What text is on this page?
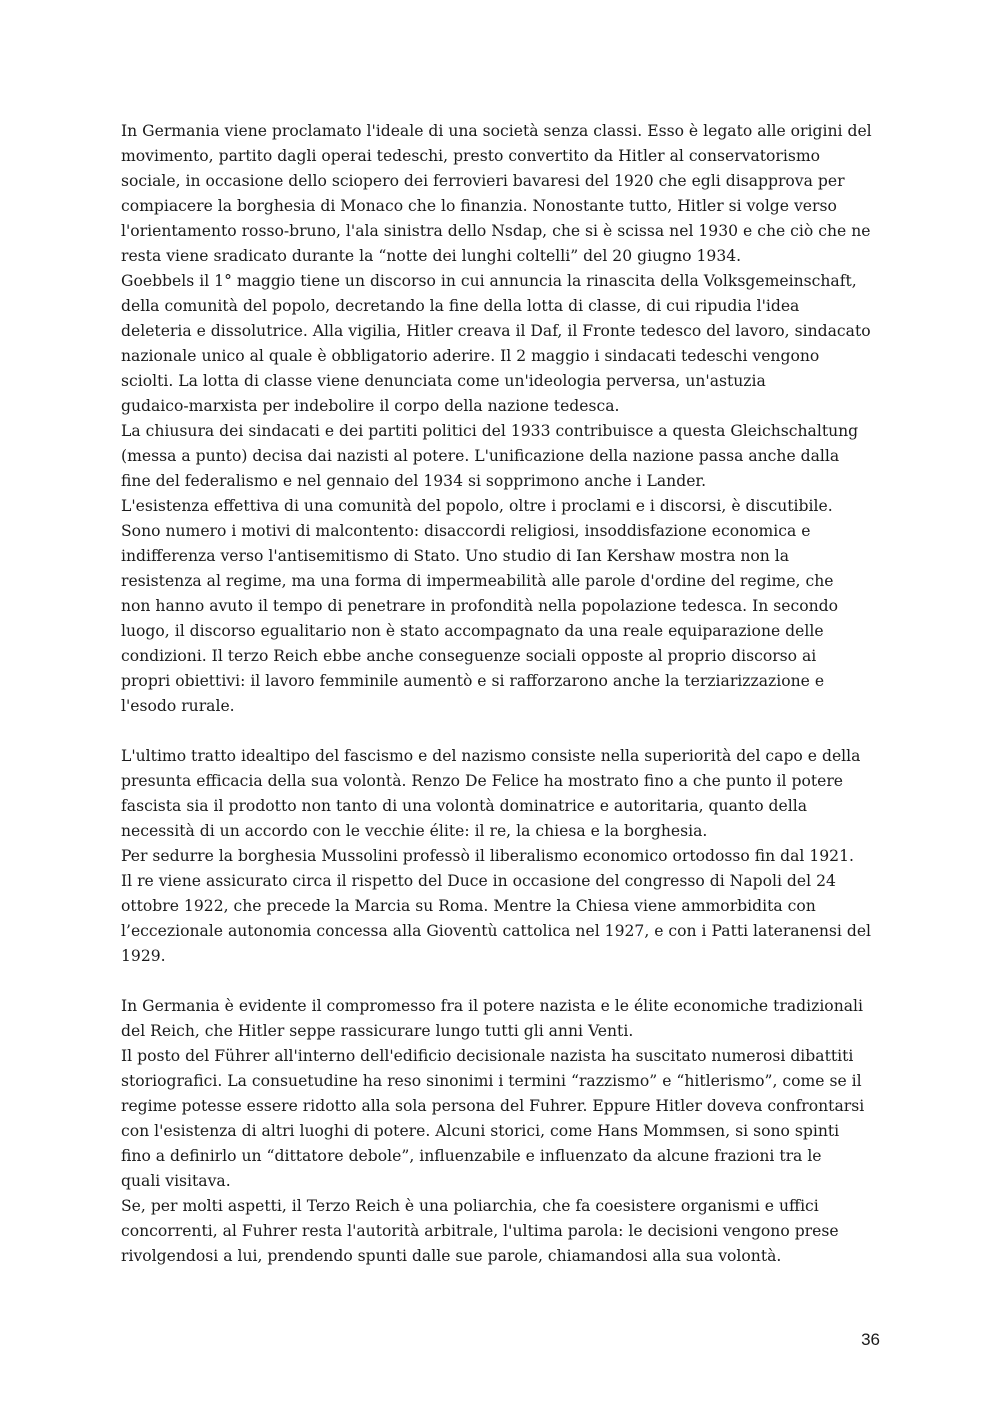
In Germania viene proclamato l'ideale di una società senza classi. Esso è legato alle origini del
movimento, partito dagli operai tedeschi, presto convertito da Hitler al conservatorismo
sociale, in occasione dello sciopero dei ferrovieri bavaresi del 1920 che egli disapprova per
compiacere la borghesia di Monaco che lo finanzia. Nonostante tutto, Hitler si volge verso
l'orientamento rosso-bruno, l'ala sinistra dello Nsdap, che si è scissa nel 1930 e che ciò che ne
resta viene sradicato durante la “notte dei lunghi coltelli” del 20 giugno 1934.
Goebbels il 1° maggio tiene un discorso in cui annuncia la rinascita della Volksgemeinschaft,
della comunità del popolo, decretando la fine della lotta di classe, di cui ripudia l'idea
deleteria e dissolutrice. Alla vigilia, Hitler creava il Daf, il Fronte tedesco del lavoro, sindacato
nazionale unico al quale è obbligatorio aderire. Il 2 maggio i sindacati tedeschi vengono
sciolti. La lotta di classe viene denunciata come un'ideologia perversa, un'astuzia
gudaico-marxista per indebolire il corpo della nazione tedesca.
La chiusura dei sindacati e dei partiti politici del 1933 contribuisce a questa Gleichschaltung
(messa a punto) decisa dai nazisti al potere. L'unificazione della nazione passa anche dalla
fine del federalismo e nel gennaio del 1934 si sopprimono anche i Lander.
L'esistenza effettiva di una comunità del popolo, oltre i proclami e i discorsi, è discutibile.
Sono numero i motivi di malcontento: disaccordi religiosi, insoddisfazione economica e
indifferenza verso l'antisemitismo di Stato. Uno studio di Ian Kershaw mostra non la
resistenza al regime, ma una forma di impermeabilità alle parole d'ordine del regime, che
non hanno avuto il tempo di penetrare in profondità nella popolazione tedesca. In secondo
luogo, il discorso egualitario non è stato accompagnato da una reale equiparazione delle
condizioni. Il terzo Reich ebbe anche conseguenze sociali opposte al proprio discorso ai
propri obiettivi: il lavoro femminile aumentò e si rafforzarono anche la terziarizzazione e
l'esodo rurale.
L'ultimo tratto idealtipo del fascismo e del nazismo consiste nella superiorità del capo e della
presunta efficacia della sua volontà. Renzo De Felice ha mostrato fino a che punto il potere
fascista sia il prodotto non tanto di una volontà dominatrice e autoritaria, quanto della
necessità di un accordo con le vecchie élite: il re, la chiesa e la borghesia.
Per sedurre la borghesia Mussolini professò il liberalismo economico ortodosso fin dal 1921.
Il re viene assicurato circa il rispetto del Duce in occasione del congresso di Napoli del 24
ottobre 1922, che precede la Marcia su Roma. Mentre la Chiesa viene ammorbidita con
l’eccezionale autonomia concessa alla Gioventù cattolica nel 1927, e con i Patti lateranensi del
1929.
In Germania è evidente il compromesso fra il potere nazista e le élite economiche tradizionali
del Reich, che Hitler seppe rassicurare lungo tutti gli anni Venti.
Il posto del Führer all'interno dell'edificio decisionale nazista ha suscitato numerosi dibattiti
storiografici. La consuetudine ha reso sinonimi i termini “razzismo” e “hitlerismo”, come se il
regime potesse essere ridotto alla sola persona del Fuhrer. Eppure Hitler doveva confrontarsi
con l'esistenza di altri luoghi di potere. Alcuni storici, come Hans Mommsen, si sono spinti
fino a definirlo un “dittatore debole”, influenzabile e influenzato da alcune frazioni tra le
quali visitava.
Se, per molti aspetti, il Terzo Reich è una poliarchia, che fa coesistere organismi e uffici
concorrenti, al Fuhrer resta l'autorità arbitrale, l'ultima parola: le decisioni vengono prese
rivolgendosi a lui, prendendo spunti dalle sue parole, chiamandosi alla sua volontà.
36
